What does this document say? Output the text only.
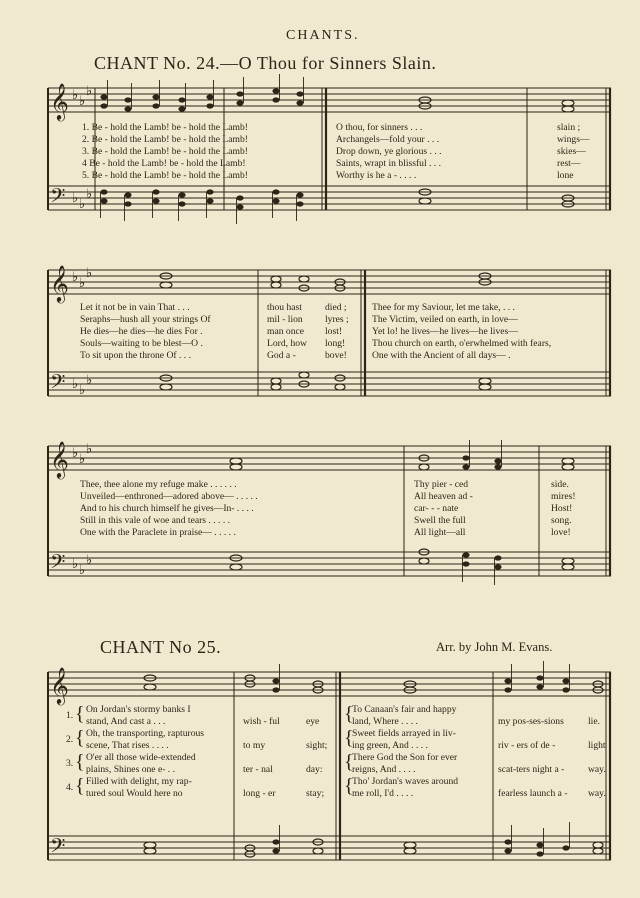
CHANTS.
CHANT No. 24.—O Thou for Sinners Slain.
𝄞
𝄢
𝄞
𝄢
𝄞
𝄢
𝄞
𝄢
♭ ♭
♭
♭ ♭
♭
♭ ♭
♭
♭ ♭
♭
♭ ♭
♭
♭ ♭
♭
1. Be - hold the Lamb! be - hold the Lamb!
2. Be - hold the Lamb! be - hold the Lamb!
3. Be - hold the Lamb! be - hold the Lamb!
4 Be - hold the Lamb! be - hold the Lamb!
5. Be - hold the Lamb! be - hold the Lamb!
O thou, for sinners . . .
Archangels—fold your . . .
Drop down, ye glorious . . .
Saints, wrapt in blissful . . .
Worthy is he a - . . . .
slain ;
wings—
skies—
rest—
lone
Let it not be in vain That . . .
Seraphs—hush all your strings Of
He dies—he dies—he dies For .
Souls—waiting to be blest—O .
To sit upon the throne Of . . .
thou hast
mil - lion
man once
Lord, how
God a -
died ;
lyres ;
lost!
long!
bove!
Thee for my Saviour, let me take, . . .
The Victim, veiled on earth, in love—
Yet lo! he lives—he lives—he lives—
Thou church on earth, o'erwhelmed with fears,
One with the Ancient of all days— .
Thee, thee alone my refuge make . . . . . .
Unveiled—enthroned—adored above— . . . . .
And to his church himself he gives—In- . . . .
Still in this vale of woe and tears . . . . .
One with the Paraclete in praise— . . . . .
Thy pier - ced
All heaven ad -
car- - - nate
Swell the full
All light—all
side.
mires!
Host!
song.
love!
CHANT No 25.	Arr. by John M. Evans.
1.
2.
3.
4.
{
{
{
{
On Jordan's stormy banks I
stand, And cast a . . .
Oh, the transporting, rapturous
scene, That rises . . . .
O'er all those wide-extended
plains, Shines one e- . .
Filled with delight, my rap-
tured soul Would here no
wish - ful
to my
ter - nal
long - er
eye
sight;
day:
stay;
{
{
{
{
To Canaan's fair and happy
land, Where . . . .
Sweet fields arrayed in liv-
ing green, And . . . .
There God the Son for ever
reigns, And . . . .
Tho' Jordan's waves around
me roll, I'd . . . .
my pos-ses-sions
riv - ers of de -
scat-ters night a -
fearless launch a -
lie.
light
way.
way.
